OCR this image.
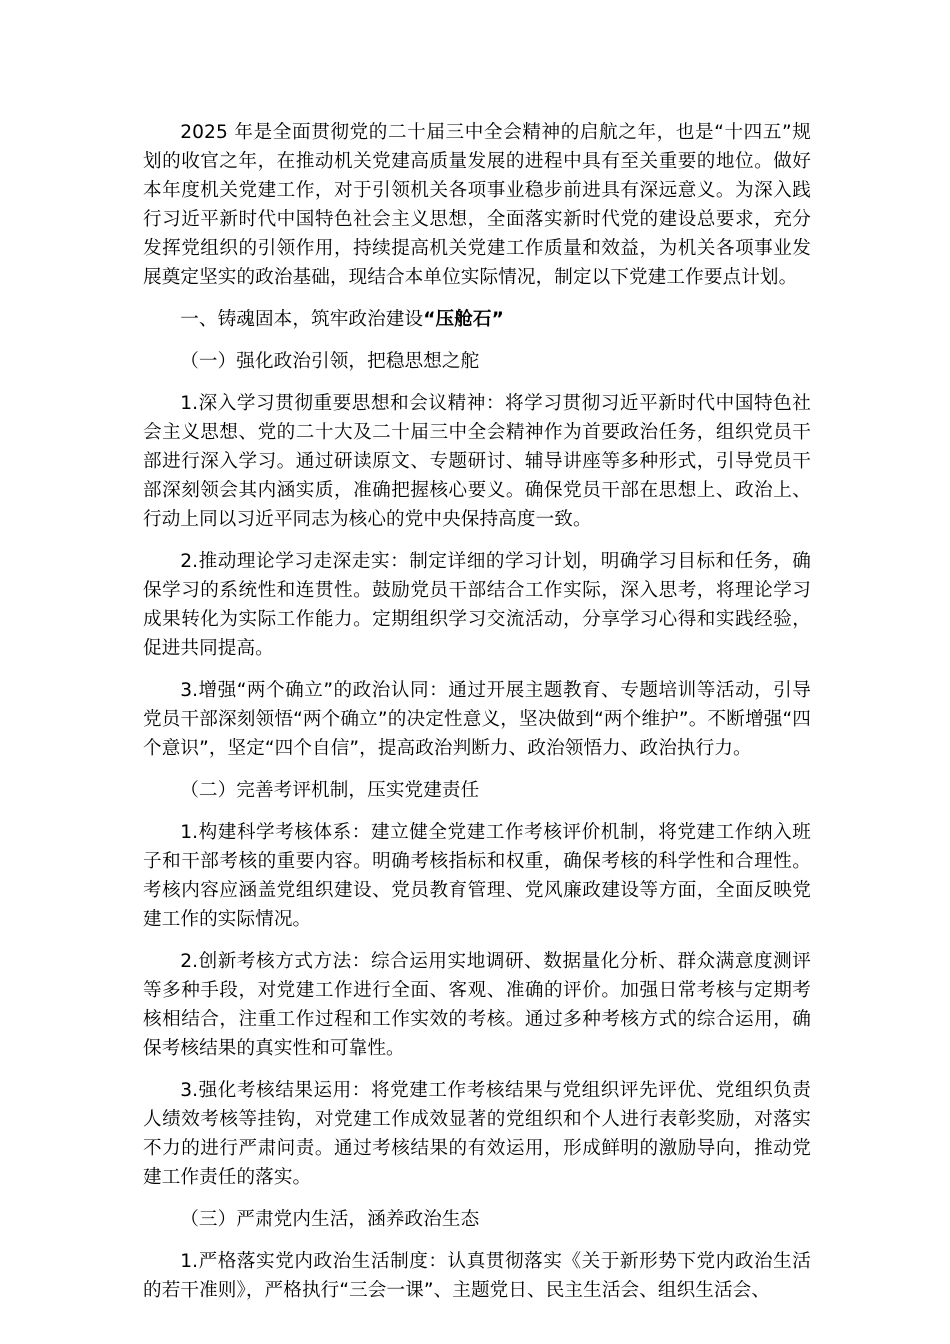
2025 年是全面贯彻党的二十届三中全会精神的启航之年，也是“十四五”规划的收官之年，在推动机关党建高质量发展的进程中具有至关重要的地位。做好本年度机关党建工作，对于引领机关各项事业稳步前进具有深远意义。为深入践行习近平新时代中国特色社会主义思想，全面落实新时代党的建设总要求，充分发挥党组织的引领作用，持续提高机关党建工作质量和效益，为机关各项事业发展奠定坚实的政治基础，现结合本单位实际情况，制定以下党建工作要点计划。

一、铸魂固本，筑牢政治建设“压舱石”

（一）强化政治引领，把稳思想之舵

1.深入学习贯彻重要思想和会议精神：将学习贯彻习近平新时代中国特色社会主义思想、党的二十大及二十届三中全会精神作为首要政治任务，组织党员干部进行深入学习。通过研读原文、专题研讨、辅导讲座等多种形式，引导党员干部深刻领会其内涵实质，准确把握核心要义。确保党员干部在思想上、政治上、行动上同以习近平同志为核心的党中央保持高度一致。

2.推动理论学习走深走实：制定详细的学习计划，明确学习目标和任务，确保学习的系统性和连贯性。鼓励党员干部结合工作实际，深入思考，将理论学习成果转化为实际工作能力。定期组织学习交流活动，分享学习心得和实践经验，促进共同提高。

3.增强“两个确立”的政治认同：通过开展主题教育、专题培训等活动，引导党员干部深刻领悟“两个确立”的决定性意义，坚决做到“两个维护”。不断增强“四个意识”，坚定“四个自信”，提高政治判断力、政治领悟力、政治执行力。

（二）完善考评机制，压实党建责任

1.构建科学考核体系：建立健全党建工作考核评价机制，将党建工作纳入班子和干部考核的重要内容。明确考核指标和权重，确保考核的科学性和合理性。考核内容应涵盖党组织建设、党员教育管理、党风廉政建设等方面，全面反映党建工作的实际情况。

2.创新考核方式方法：综合运用实地调研、数据量化分析、群众满意度测评等多种手段，对党建工作进行全面、客观、准确的评价。加强日常考核与定期考核相结合，注重工作过程和工作实效的考核。通过多种考核方式的综合运用，确保考核结果的真实性和可靠性。

3.强化考核结果运用：将党建工作考核结果与党组织评先评优、党组织负责人绩效考核等挂钩，对党建工作成效显著的党组织和个人进行表彰奖励，对落实不力的进行严肃问责。通过考核结果的有效运用，形成鲜明的激励导向，推动党建工作责任的落实。

（三）严肃党内生活，涵养政治生态

1.严格落实党内政治生活制度：认真贯彻落实《关于新形势下党内政治生活的若干准则》，严格执行“三会一课”、主题党日、民主生活会、组织生活会、
